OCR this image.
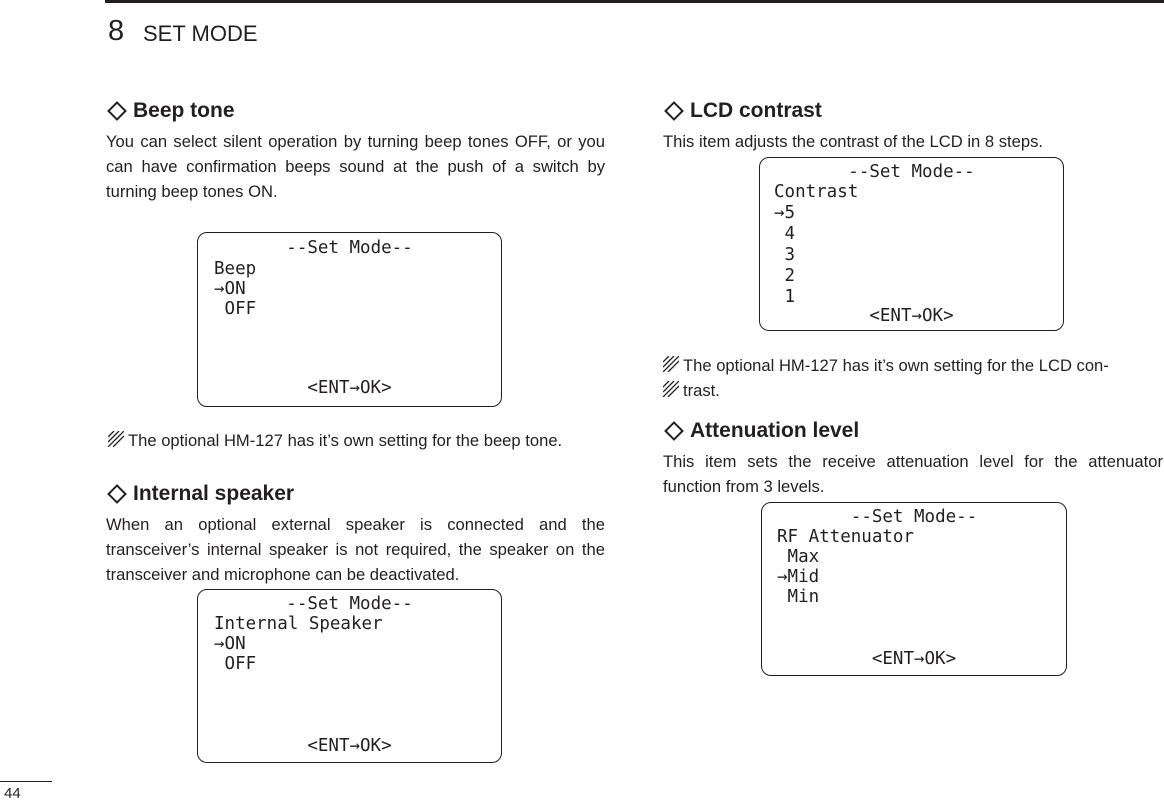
8 SET MODE
Beep tone
You can select silent operation by turning beep tones OFF, or you can have confirmation beeps sound at the push of a switch by turning beep tones ON.
--Set Mode--
Beep
→ON
OFF
<ENT→OK>
The optional HM-127 has it’s own setting for the beep tone.
Internal speaker
When an optional external speaker is connected and the transceiver’s internal speaker is not required, the speaker on the transceiver and microphone can be deactivated.
--Set Mode--
Internal Speaker
→ON
OFF
<ENT→OK>
LCD contrast
This item adjusts the contrast of the LCD in 8 steps.
--Set Mode--
Contrast
→5
4
3
2
1
<ENT→OK>
The optional HM-127 has it’s own setting for the LCD con-
trast.
Attenuation level
This item sets the receive attenuation level for the attenuator function from 3 levels.
--Set Mode--
RF Attenuator
Max
→Mid
Min
<ENT→OK>
44
